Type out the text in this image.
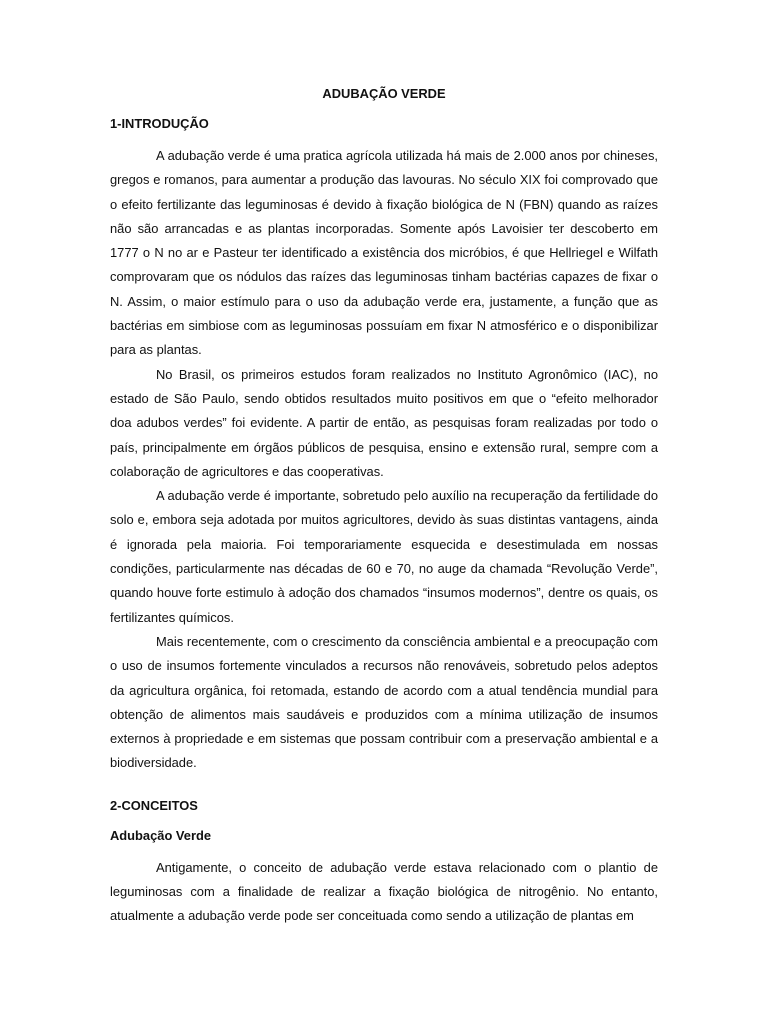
ADUBAÇÃO VERDE
1-INTRODUÇÃO

A adubação verde é uma pratica agrícola utilizada há mais de 2.000 anos por chineses, gregos e romanos, para aumentar a produção das lavouras. No século XIX foi comprovado que o efeito fertilizante das leguminosas é devido à fixação biológica de N (FBN) quando as raízes não são arrancadas e as plantas incorporadas. Somente após Lavoisier ter descoberto em 1777 o N no ar e Pasteur ter identificado a existência dos micróbios, é que Hellriegel e Wilfath comprovaram que os nódulos das raízes das leguminosas tinham bactérias capazes de fixar o N. Assim, o maior estímulo para o uso da adubação verde era, justamente, a função que as bactérias em simbiose com as leguminosas possuíam em fixar N atmosférico e o disponibilizar para as plantas.

No Brasil, os primeiros estudos foram realizados no Instituto Agronômico (IAC), no estado de São Paulo, sendo obtidos resultados muito positivos em que o “efeito melhorador doa adubos verdes” foi evidente. A partir de então, as pesquisas foram realizadas por todo o país, principalmente em órgãos públicos de pesquisa, ensino e extensão rural, sempre com a colaboração de agricultores e das cooperativas.

A adubação verde é importante, sobretudo pelo auxílio na recuperação da fertilidade do solo e, embora seja adotada por muitos agricultores, devido às suas distintas vantagens, ainda é ignorada pela maioria. Foi temporariamente esquecida e desestimulada em nossas condições, particularmente nas décadas de 60 e 70, no auge da chamada “Revolução Verde”, quando houve forte estimulo à adoção dos chamados “insumos modernos”, dentre os quais, os fertilizantes químicos.

Mais recentemente, com o crescimento da consciência ambiental e a preocupação com o uso de insumos fortemente vinculados a recursos não renováveis, sobretudo pelos adeptos da agricultura orgânica, foi retomada, estando de acordo com a atual tendência mundial para obtenção de alimentos mais saudáveis e produzidos com a mínima utilização de insumos externos à propriedade e em sistemas que possam contribuir com a preservação ambiental e a biodiversidade.

2-CONCEITOS
Adubação Verde

Antigamente, o conceito de adubação verde estava relacionado com o plantio de leguminosas com a finalidade de realizar a fixação biológica de nitrogênio. No entanto, atualmente a adubação verde pode ser conceituada como sendo a utilização de plantas em
